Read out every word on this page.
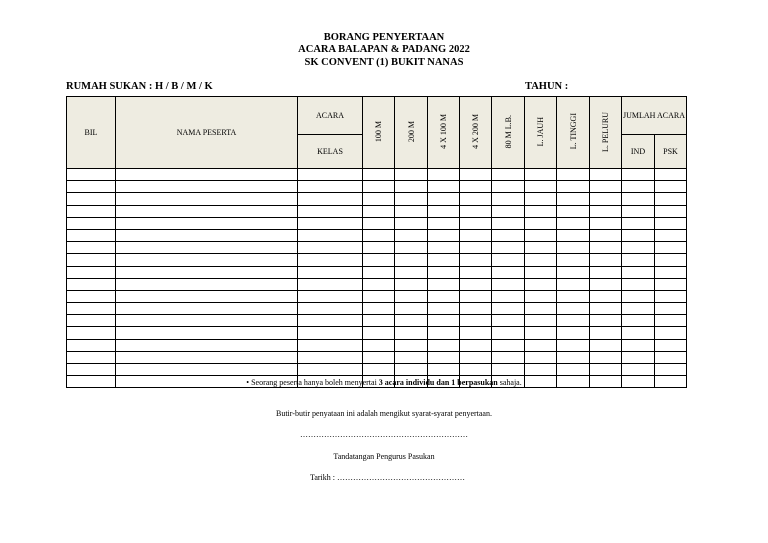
BORANG PENYERTAAN
ACARA BALAPAN & PADANG 2022
SK CONVENT (1) BUKIT NANAS
RUMAH SUKAN : H / B / M / K	TAHUN :
BIL	NAMA PESERTA	ACARA	100 M	200 M	4 X 100 M	4 X 200 M	80 M L.B.	L. JAUH	L. TINGGI	L. PELURU	JUMLAH ACARA	
		KELAS									IND	PSK

• Seorang peserta hanya boleh menyertai 3 acara individu dan 1 berpasukan sahaja.
Butir-butir penyataan ini adalah mengikut syarat-syarat penyertaan.
………………………………………………………
Tandatangan Pengurus Pasukan
Tarikh : …………………………………………
